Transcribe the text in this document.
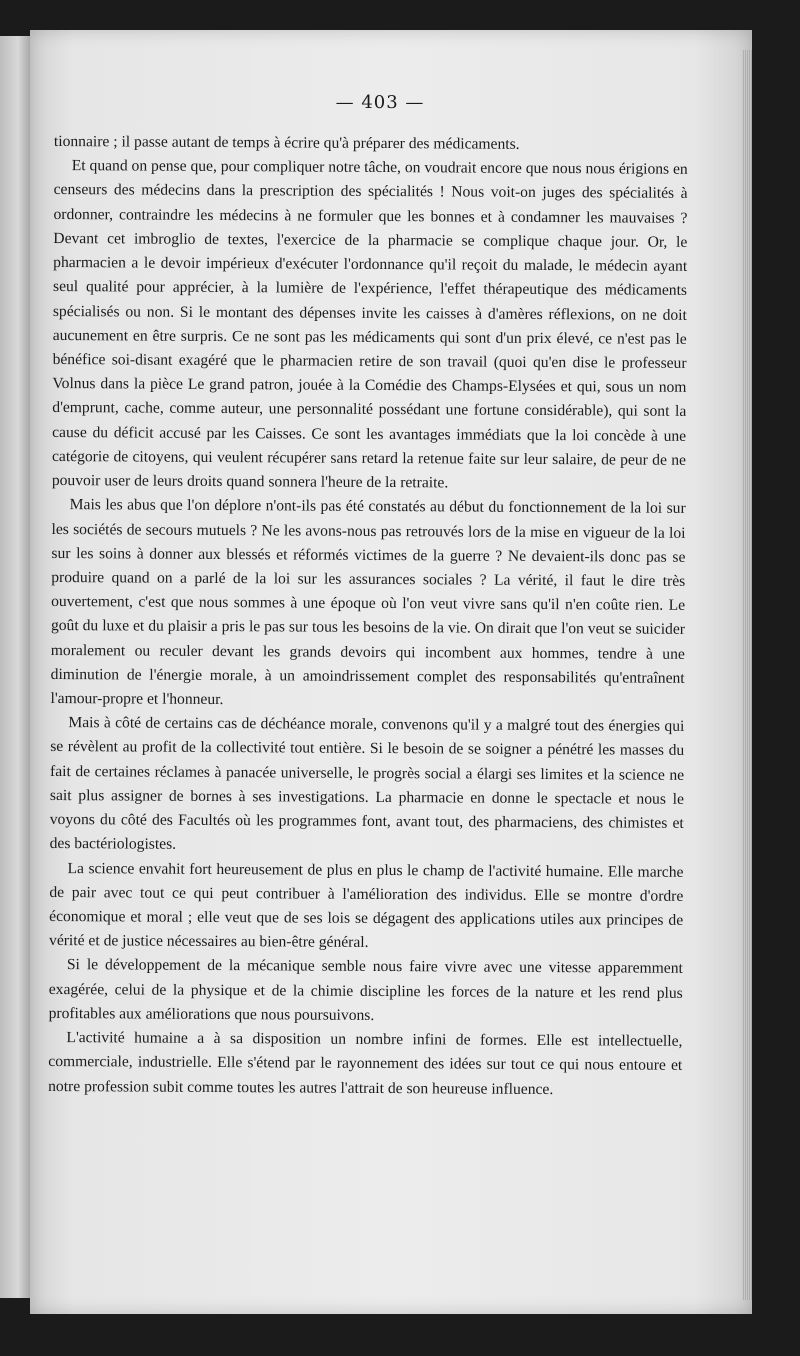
— 403 —

tionnaire ; il passe autant de temps à écrire qu'à préparer des médicaments.

Et quand on pense que, pour compliquer notre tâche, on voudrait encore que nous nous érigions en censeurs des médecins dans la prescription des spécialités ! Nous voit-on juges des spécialités à ordonner, contraindre les médecins à ne formuler que les bonnes et à condamner les mauvaises ? Devant cet imbroglio de textes, l'exercice de la pharmacie se complique chaque jour. Or, le pharmacien a le devoir impérieux d'exécuter l'ordonnance qu'il reçoit du malade, le médecin ayant seul qualité pour apprécier, à la lumière de l'expérience, l'effet thérapeutique des médicaments spécialisés ou non. Si le montant des dépenses invite les caisses à d'amères réflexions, on ne doit aucunement en être surpris. Ce ne sont pas les médicaments qui sont d'un prix élevé, ce n'est pas le bénéfice soi-disant exagéré que le pharmacien retire de son travail (quoi qu'en dise le professeur Volnus dans la pièce Le grand patron, jouée à la Comédie des Champs-Elysées et qui, sous un nom d'emprunt, cache, comme auteur, une personnalité possédant une fortune considérable), qui sont la cause du déficit accusé par les Caisses. Ce sont les avantages immédiats que la loi concède à une catégorie de citoyens, qui veulent récupérer sans retard la retenue faite sur leur salaire, de peur de ne pouvoir user de leurs droits quand sonnera l'heure de la retraite.

Mais les abus que l'on déplore n'ont-ils pas été constatés au début du fonctionnement de la loi sur les sociétés de secours mutuels ? Ne les avons-nous pas retrouvés lors de la mise en vigueur de la loi sur les soins à donner aux blessés et réformés victimes de la guerre ? Ne devaient-ils donc pas se produire quand on a parlé de la loi sur les assurances sociales ? La vérité, il faut le dire très ouvertement, c'est que nous sommes à une époque où l'on veut vivre sans qu'il n'en coûte rien. Le goût du luxe et du plaisir a pris le pas sur tous les besoins de la vie. On dirait que l'on veut se suicider moralement ou reculer devant les grands devoirs qui incombent aux hommes, tendre à une diminution de l'énergie morale, à un amoindrissement complet des responsabilités qu'entraînent l'amour-propre et l'honneur.

Mais à côté de certains cas de déchéance morale, convenons qu'il y a malgré tout des énergies qui se révèlent au profit de la collectivité tout entière. Si le besoin de se soigner a pénétré les masses du fait de certaines réclames à panacée universelle, le progrès social a élargi ses limites et la science ne sait plus assigner de bornes à ses investigations. La pharmacie en donne le spectacle et nous le voyons du côté des Facultés où les programmes font, avant tout, des pharmaciens, des chimistes et des bactériologistes.

La science envahit fort heureusement de plus en plus le champ de l'activité humaine. Elle marche de pair avec tout ce qui peut contribuer à l'amélioration des individus. Elle se montre d'ordre économique et moral ; elle veut que de ses lois se dégagent des applications utiles aux principes de vérité et de justice nécessaires au bien-être général.

Si le développement de la mécanique semble nous faire vivre avec une vitesse apparemment exagérée, celui de la physique et de la chimie discipline les forces de la nature et les rend plus profitables aux améliorations que nous poursuivons.

L'activité humaine a à sa disposition un nombre infini de formes. Elle est intellectuelle, commerciale, industrielle. Elle s'étend par le rayonnement des idées sur tout ce qui nous entoure et notre profession subit comme toutes les autres l'attrait de son heureuse influence.
